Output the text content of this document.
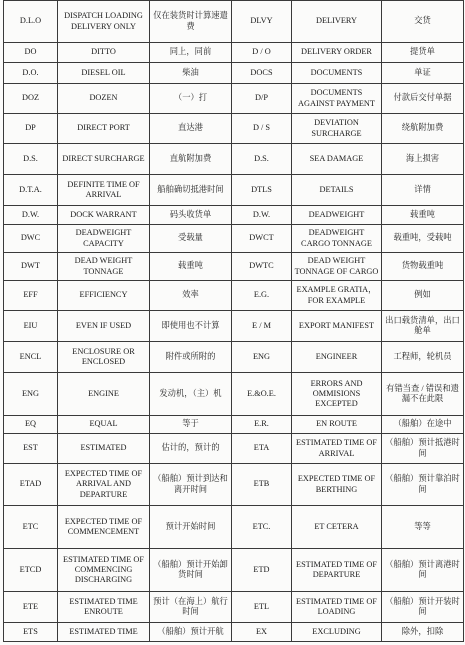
D.L.O	DISPATCH LOADING DELIVERY ONLY	仅在装货时计算速遣费	DLVY	DELIVERY	交货
DO	DITTO	同上，同前	D / O	DELIVERY ORDER	提货单
D.O.	DIESEL OIL	柴油	DOCS	DOCUMENTS	单证
DOZ	DOZEN	（一）打	D/P	DOCUMENTS AGAINST PAYMENT	付款后交付单据
DP	DIRECT PORT	直达港	D / S	DEVIATION SURCHARGE	绕航附加费
D.S.	DIRECT SURCHARGE	直航附加费	D.S.	SEA DAMAGE	海上损害
D.T.A.	DEFINITE TIME OF ARRIVAL	船舶确切抵港时间	DTLS	DETAILS	详情
D.W.	DOCK WARRANT	码头收货单	D.W.	DEADWEIGHT	载重吨
DWC	DEADWEIGHT CAPACITY	受载量	DWCT	DEADWEIGHT CARGO TONNAGE	载重吨，受载吨
DWT	DEAD WEIGHT TONNAGE	载重吨	DWTC	DEAD WEIGHT TONNAGE OF CARGO	货物载重吨
EFF	EFFICIENCY	效率	E.G.	EXAMPLE GRATIA，FOR EXAMPLE	例如
EIU	EVEN IF USED	即使用也不计算	E / M	EXPORT MANIFEST	出口载货清单，出口舱单
ENCL	ENCLOSURE OR ENCLOSED	附件或所附的	ENG	ENGINEER	工程师，轮机员
ENG	ENGINE	发动机，（主）机	E.&O.E.	ERRORS AND OMMISIONS EXCEPTED	有错当查 / 错误和遗漏不在此限
EQ	EQUAL	等于	E.R.	EN ROUTE	（船舶）在途中
EST	ESTIMATED	估计的，预计的	ETA	ESTIMATED TIME OF ARRIVAL	（船舶）预计抵港时间
ETAD	EXPECTED TIME OF ARRIVAL AND DEPARTURE	（船舶）预计到达和离开时间	ETB	EXPECTED TIME OF BERTHING	（船舶）预计靠泊时间
ETC	EXPECTED TIME OF COMMENCEMENT	预计开始时间	ETC.	ET CETERA	等等
ETCD	ESTIMATED TIME OF COMMENCING DISCHARGING	（船舶）预计开始卸货时间	ETD	ESTIMATED TIME OF DEPARTURE	（船舶）预计离港时间
ETE	ESTIMATED TIME ENROUTE	预计（在海上）航行时间	ETL	ESTIMATED TIME OF LOADING	（船舶）预计开装时间
ETS	ESTIMATED TIME	（船舶）预计开航	EX	EXCLUDING	除外，扣除
